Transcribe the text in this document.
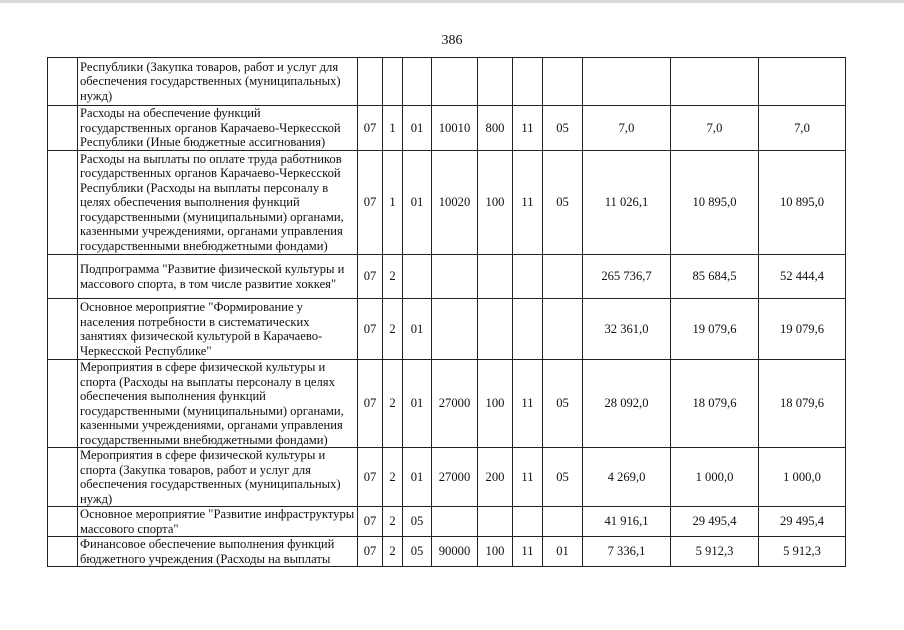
386
	Республики (Закупка товаров, работ и услуг для обеспечения государственных (муниципальных) нужд)										
	Расходы на обеспечение функций государственных органов Карачаево-Черкесской Республики (Иные бюджетные ассигнования)	07	1	01	10010	800	11	05	7,0	7,0	7,0
	Расходы на выплаты по оплате труда работников государственных органов Карачаево-Черкесской Республики (Расходы на выплаты персоналу в целях обеспечения выполнения функций государственными (муниципальными) органами, казенными учреждениями, органами управления государственными внебюджетными фондами)	07	1	01	10020	100	11	05	11 026,1	10 895,0	10 895,0
	Подпрограмма "Развитие физической культуры и массового спорта, в том числе развитие хоккея"	07	2						265 736,7	85 684,5	52 444,4
	Основное мероприятие "Формирование у населения потребности в систематических занятиях физической культурой в Карачаево-Черкесской Республике"	07	2	01					32 361,0	19 079,6	19 079,6
	Мероприятия в сфере физической культуры и спорта (Расходы на выплаты персоналу в целях обеспечения выполнения функций государственными (муниципальными) органами, казенными учреждениями, органами управления государственными внебюджетными фондами)	07	2	01	27000	100	11	05	28 092,0	18 079,6	18 079,6
	Мероприятия в сфере физической культуры и спорта (Закупка товаров, работ и услуг для обеспечения государственных (муниципальных) нужд)	07	2	01	27000	200	11	05	4 269,0	1 000,0	1 000,0
	Основное мероприятие "Развитие инфраструктуры массового спорта"	07	2	05					41 916,1	29 495,4	29 495,4
	Финансовое обеспечение выполнения функций бюджетного учреждения (Расходы на выплаты	07	2	05	90000	100	11	01	7 336,1	5 912,3	5 912,3
